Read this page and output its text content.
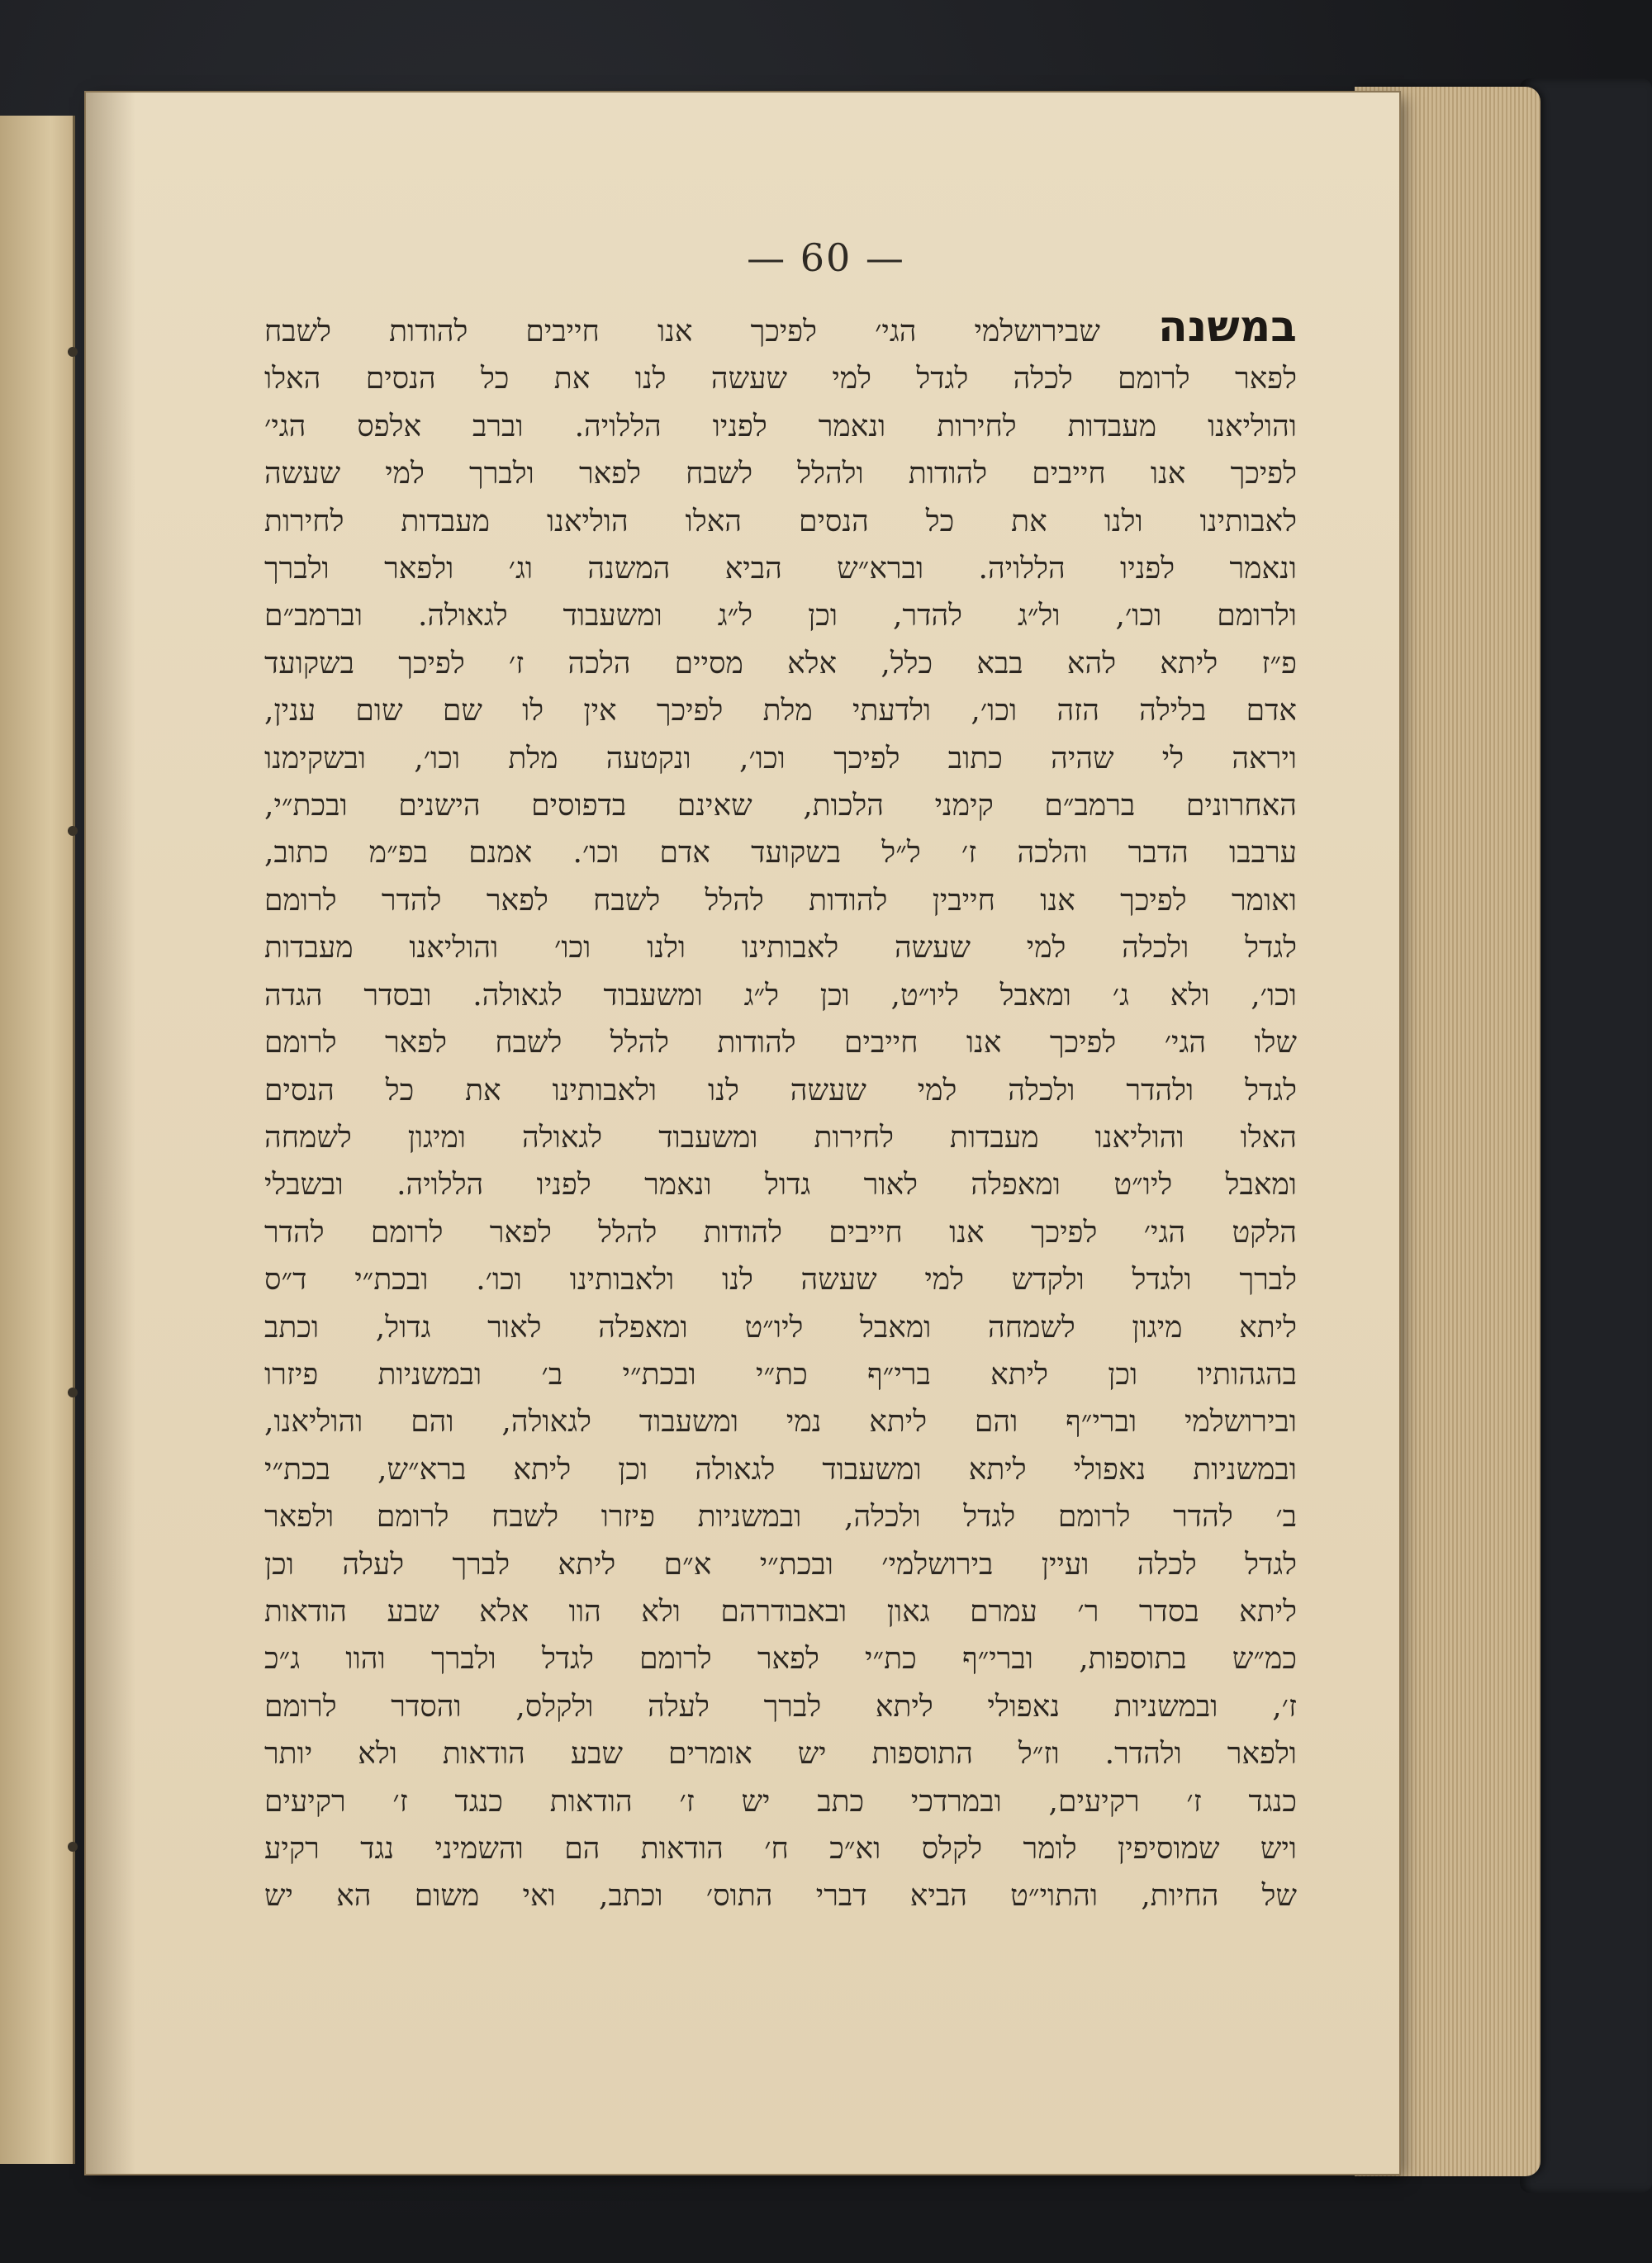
— 60 —
במשנה שבירושלמי הגי׳ לפיכך אנו חייבים להודות לשבח
לפאר לרומם לכלה לגדל למי שעשה לנו את כל הנסים האלו
והוליאנו מעבדות לחירות ונאמר לפניו הללויה. וברב אלפס הגי׳
לפיכך אנו חייבים להודות ולהלל לשבח לפאר ולברך למי שעשה
לאבותינו ולנו את כל הנסים האלו הוליאנו מעבדות לחירות
ונאמר לפניו הללויה. וברא״ש הביא המשנה וג׳ ולפאר ולברך
ולרומם וכו׳, ול״ג להדר, וכן ל״ג ומשעבוד לגאולה. וברמב״ם
פ״ז ליתא להא בבא כלל, אלא מסיים הלכה ז׳ לפיכך בשקועד
אדם בלילה הזה וכו׳, ולדעתי מלת לפיכך אין לו שם שום ענין,
ויראה לי שהיה כתוב לפיכך וכו׳, ונקטעה מלת וכו׳, ובשקימנו
האחרונים ברמב״ם קימני הלכות, שאינם בדפוסים הישנים ובכת״י,
ערבבו הדבר והלכה ז׳ ל״ל בשקועד אדם וכו׳. אמנם בפ״מ כתוב,
ואומר לפיכך אנו חייבין להודות להלל לשבח לפאר להדר לרומם
לגדל ולכלה למי שעשה לאבותינו ולנו וכו׳ והוליאנו מעבדות
וכו׳, ולא ג׳ ומאבל ליו״ט, וכן ל״ג ומשעבוד לגאולה. ובסדר הגדה
שלו הגי׳ לפיכך אנו חייבים להודות להלל לשבח לפאר לרומם
לגדל ולהדר ולכלה למי שעשה לנו ולאבותינו את כל הנסים
האלו והוליאנו מעבדות לחירות ומשעבוד לגאולה ומיגון לשמחה
ומאבל ליו״ט ומאפלה לאור גדול ונאמר לפניו הללויה. ובשבלי
הלקט הגי׳ לפיכך אנו חייבים להודות להלל לפאר לרומם להדר
לברך ולגדל ולקדש למי שעשה לנו ולאבותינו וכו׳. ובכת״י ד״ס
ליתא מיגון לשמחה ומאבל ליו״ט ומאפלה לאור גדול, וכתב
בהגהותיו וכן ליתא ברי״ף כת״י ובכת״י ב׳ ובמשניות פיזרו
ובירושלמי וברי״ף והם ליתא נמי ומשעבוד לגאולה, והם והוליאנו,
ובמשניות נאפולי ליתא ומשעבוד לגאולה וכן ליתא ברא״ש, בכת״י
ב׳ להדר לרומם לגדל ולכלה, ובמשניות פיזרו לשבח לרומם ולפאר
לגדל לכלה ועיין בירושלמי׳ ובכת״י א״ם ליתא לברך לעלה וכן
ליתא בסדר ר׳ עמרם גאון ובאבודרהם ולא הוו אלא שבע הודאות
כמ״ש בתוספות, וברי״ף כת״י לפאר לרומם לגדל ולברך והוו ג״כ
ז׳, ובמשניות נאפולי ליתא לברך לעלה ולקלס, והסדר לרומם
ולפאר ולהדר. וז״ל התוספות יש אומרים שבע הודאות ולא יותר
כנגד ז׳ רקיעים, ובמרדכי כתב יש ז׳ הודאות כנגד ז׳ רקיעים
ויש שמוסיפין לומר לקלס וא״כ ח׳ הודאות הם והשמיני נגד רקיע
של החיות, והתוי״ט הביא דברי התוס׳ וכתב, ואי משום הא יש
